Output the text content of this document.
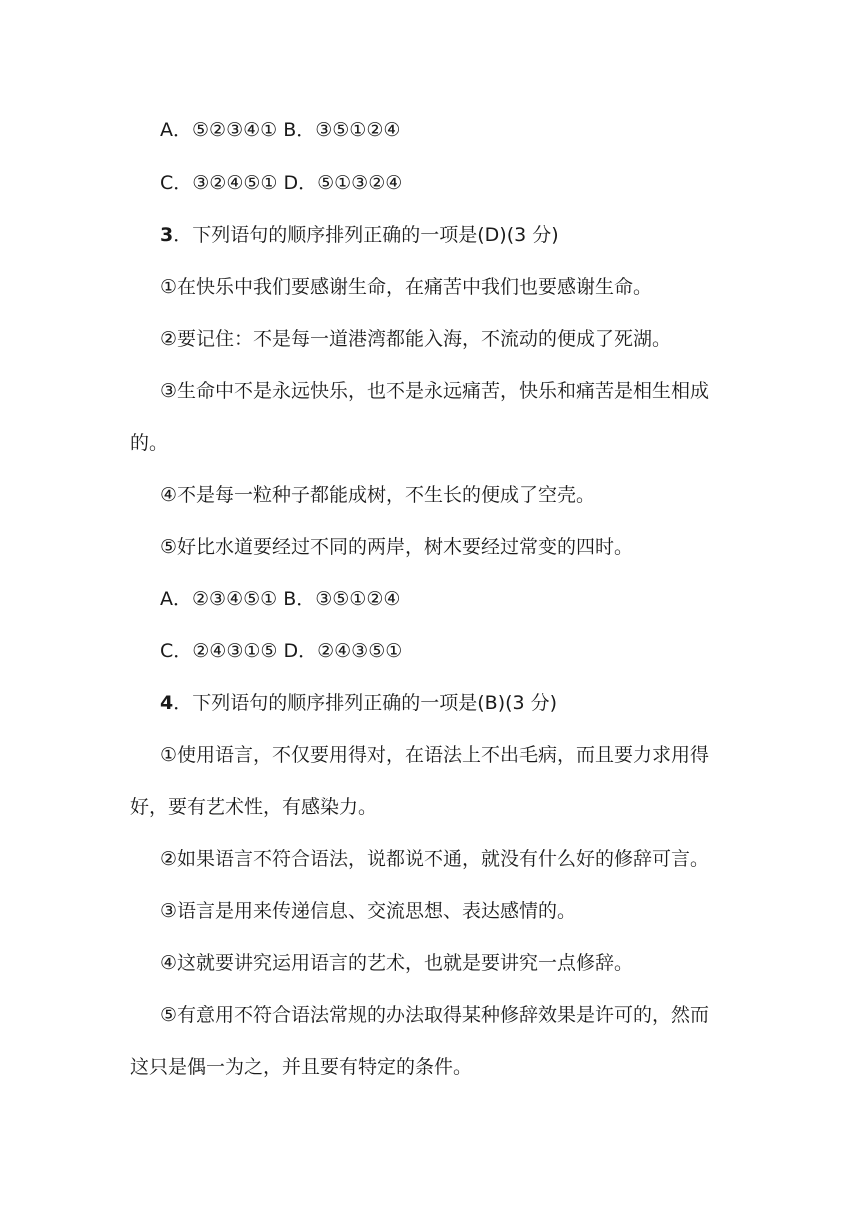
A．⑤②③④① B．③⑤①②④
C．③②④⑤① D．⑤①③②④
3．下列语句的顺序排列正确的一项是(D)(3 分)
①在快乐中我们要感谢生命，在痛苦中我们也要感谢生命。
②要记住：不是每一道港湾都能入海，不流动的便成了死湖。
③生命中不是永远快乐，也不是永远痛苦，快乐和痛苦是相生相成
的。
④不是每一粒种子都能成树，不生长的便成了空壳。
⑤好比水道要经过不同的两岸，树木要经过常变的四时。
A．②③④⑤① B．③⑤①②④
C．②④③①⑤ D．②④③⑤①
4．下列语句的顺序排列正确的一项是(B)(3 分)
①使用语言，不仅要用得对，在语法上不出毛病，而且要力求用得
好，要有艺术性，有感染力。
②如果语言不符合语法，说都说不通，就没有什么好的修辞可言。
③语言是用来传递信息、交流思想、表达感情的。
④这就要讲究运用语言的艺术，也就是要讲究一点修辞。
⑤有意用不符合语法常规的办法取得某种修辞效果是许可的，然而
这只是偶一为之，并且要有特定的条件。
